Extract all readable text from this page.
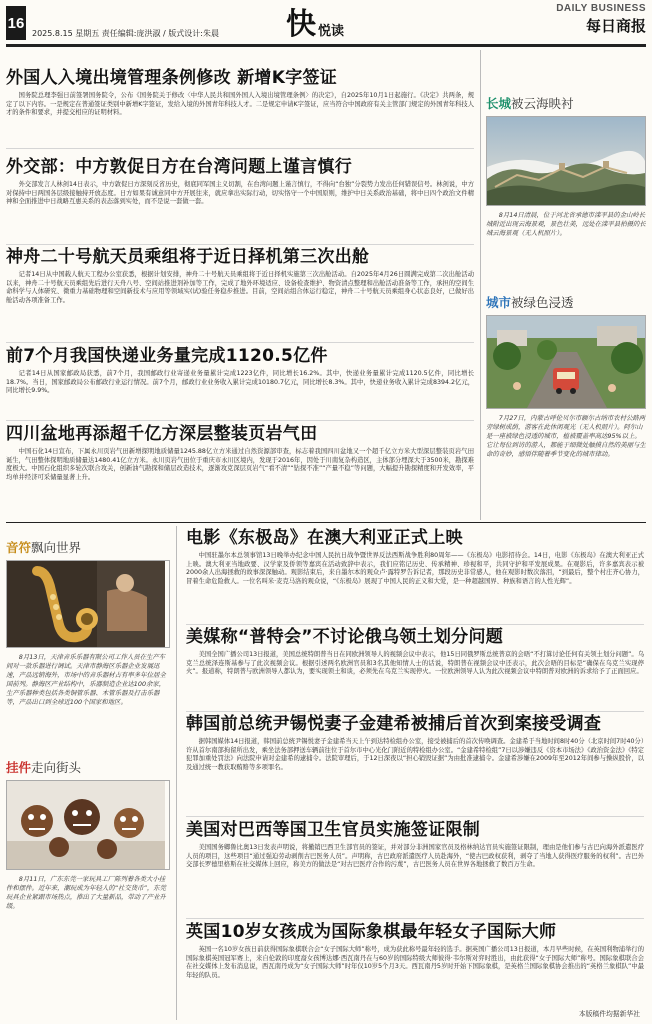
16
2025.8.15 星期五 责任编辑:庞洪淑 / 版式设计:朱晨 快 悦读
DAILY BUSINESS
每日商报
外国人入境出境管理条例修改 新增K字签证

国务院总理李强日前签署国务院令，公布《国务院关于修改〈中华人民共和国外国人入境出境管理条例〉的决定》，自2025年10月1日起施行。《决定》共两条，规定了以下内容。一是规定在普通签证类别中新增K字签证，发给入境的外国青年科技人才。二是规定申请K字签证，应当符合中国政府有关主管部门规定的外国青年科技人才的条件和要求，并提交相应的证明材料。

外交部：中方敦促日方在台湾问题上谨言慎行

外交部发言人林剑14日表示，中方敦促日方深刻反省历史，彻底同军国主义切割，在台湾问题上谨言慎行，不得向“台独”分裂势力发出任何错误信号。林剑说，中方对保持中日两国各层级接触持开放态度。日方如果有诚意同中方开展往来，就应拿出实际行动，切实恪守一个中国原则，维护中日关系政治基础，将中日四个政治文件精神和全面推进中日战略互惠关系的表态落到实处，而不是说一套做一套。

神舟二十号航天员乘组将于近日择机第三次出舱

记者14日从中国载人航天工程办公室获悉，根据计划安排，神舟二十号航天员乘组将于近日择机实施第三次出舱活动。自2025年4月26日圆满完成第二次出舱活动以来，神舟二十号航天员乘组先后进行天舟八号、空间站推进剂补加等工作，完成了地外环境适应、设备检查维护、物资清点整理和出舱活动准备等工作，承担的空间生命科学与人体研究、微重力基础物理和空间新技术与应用等领域实(试)验任务稳步推进。目前，空间站组合体运行稳定，神舟二十号航天员乘组身心状态良好，已做好出舱活动各项准备工作。

前7个月我国快递业务量完成1120.5亿件

记者14日从国家邮政局获悉，前7个月，我国邮政行业寄递业务量累计完成1223亿件，同比增长16.2%。其中，快递业务量累计完成1120.5亿件，同比增长18.7%。当日，国家邮政局公布邮政行业运行情况。前7个月，邮政行业业务收入累计完成10180.7亿元，同比增长8.3%。其中，快递业务收入累计完成8394.2亿元，同比增长9.9%。

四川盆地再添超千亿方深层整装页岩气田

中国石化14日宣布，下属永川页岩气田新增探明地质储量1245.88亿立方米通过自然资源部审查，标志着我国四川盆地又一个超千亿立方米大型深层整装页岩气田诞生，气田整体探明地质储量达1480.41亿立方米。永川页岩气田位于重庆市永川区境内，发现于2016年，因处于川南复杂构造区，主体部分埋深大于3500米，勘探难度极大。中国石化组织多轮次联合攻关，创新油气勘探和储层改造技术，逐渐攻克深层页岩气“看不清”“钻探不准”“产量不稳”等问题，大幅提升勘探精度和开发效率，平均单井经济可采储量显著上升。

电影《东极岛》在澳大利亚正式上映

中国驻墨尔本总领事馆13日晚举办纪念中国人民抗日战争暨世界反法西斯战争胜利80周年——《东极岛》电影招待会。14日，电影《东极岛》在澳大利亚正式上映。澳大利亚当地政要、汉学家及侨领等嘉宾在活动致辞中表示，我们应铭记历史、传承精神、珍视和平，共同守护和平发展成果。在观影后，许多嘉宾表示被2000余人出海拯救的故事深深触动。观影结束后，来自墨尔本的观众卢·露特罗告诉记者，那段历史非常感人，他在观影时数次落泪，“到最后，整个村庄齐心协力，冒着生命危险救人。一位名叫米·麦克马洛的观众说，“《东极岛》展现了中国人民的正义和大爱，是一种超越国界、种族和语言的人性光辉”。

美媒称“普特会”不讨论俄乌领土划分问题

美国全国广播公司13日报道，美国总统特朗普当日在同欧洲领导人的视频会议中表示，他15日同俄罗斯总统普京的会晤“不打算讨论任何有关领土划分问题”。乌克兰总统泽连斯基参与了此次视频会议。根据引述两名欧洲官员和3名其他知情人士的话说，特朗普在视频会议中还表示，此次会晤的目标是“确保在乌克兰实现停火”。报道称，特朗普与欧洲领导人都认为，要实现领土和谈，必须先在乌克兰实现停火。一位欧洲领导人认为此次视频会议中特朗普对欧洲的诉求给予了正面回应。

韩国前总统尹锡悦妻子金建希被捕后首次到案接受调查

据韩国媒体14日报道，韩国前总统尹锡悦妻子金建希当天上午到达特检组办公室，接受被捕后的首次传唤调查。金建希于当地时间8时40分（北京时间7时40分）许从首尔南部拘留所出发，乘坐法务部押送车辆前往位于首尔市中心光化门附近的特检组办公室。“金建希特检组”7日以涉嫌违反《资本市场法》《政治资金法》《特定犯罪加重处罚法》向法院申请对金建希的逮捕令。法院审理后，于12日深夜以“担心销毁证据”为由批准逮捕令。金建希涉嫌在2009年至2012年间参与操纵股价，以及通过统一教获取贿赂等多项罪名。

美国对巴西等国卫生官员实施签证限制

美国国务卿鲁比奥13日发表声明说，将撤销巴西卫生部官员的签证，并对部分非洲国家官员及格林纳达官员实施签证限制，理由是他们参与古巴向海外派遣医疗人员的项目，这些项目“通过强迫劳动剥削古巴医务人员”。声明称，古巴政府派遣医疗人员赴海外，“使古巴政权获利，剥夺了当地人获得医疗服务的权利”。古巴外交部长罗德里格斯在社交媒体上回应，称美方的做法是“对古巴医疗合作的污蔑”，古巴医务人员在世界各地拯救了数百万生命。

英国10岁女孩成为国际象棋最年轻女子国际大师

英国一名10岁女孩日前获得国际象棋联合会“女子国际大师”称号，成为获此称号最年轻的选手。据英国广播公司13日报道，本月早些时候，在英国利物浦举行的国际象棋英国冠军赛上，来自伦敦的印度裔女孩博达娜·西瓦南丹在与60岁的国际特级大师彼得·韦尔斯对弈时胜出，由此获得“女子国际大师”称号。国际象棋联合会在社交媒体上发布消息说，西瓦南丹成为“女子国际大师”时年仅10岁5个月3天。西瓦南丹5岁时开始下国际象棋，是英格兰国际象棋协会推出的“英格兰象棋队”中最年轻的队员。

本版稿件均据新华社
长城被云海映衬

8月14日清晨，位于河北省承德市滦平县的金山岭长城附近出现云海景观，景色壮美，远处在滦平县拍摄的长城云海景观（无人机照片）。

城市被绿色浸透

7月27日，内蒙古呼伦贝尔市额尔古纳市农村公路两旁绿树成荫，游客在此休闲观光（无人机照片）。阿尔山是一座被绿色浸透的城市，植被覆盖率高达95%以上。它让每位到访的游人，都能于细微处触摸自然的美丽与生命的奇妙，感悟伴随着季节变化的城市律动。

音符飘向世界

8月13日，天津音乐乐器有限公司工作人员在生产车间对一款乐器进行调试。天津市静海区乐器企业发展迅速，产品远销海外，市场中的音乐器材占有率多年位居全国前列。静海区产业结构中，乐器制造企业达100余家，生产乐器种类包括各类铜管乐器、木管乐器及打击乐器等，产品出口到全球近100个国家和地区。

挂件走向街头

8月11日，广东东莞一家玩具工厂陈列着各类大小挂件和摆件。近年来，潮玩成为年轻人的“社交货币”，东莞玩具企业紧跟市场热点，推出了大量新品，带动了产业升级。
